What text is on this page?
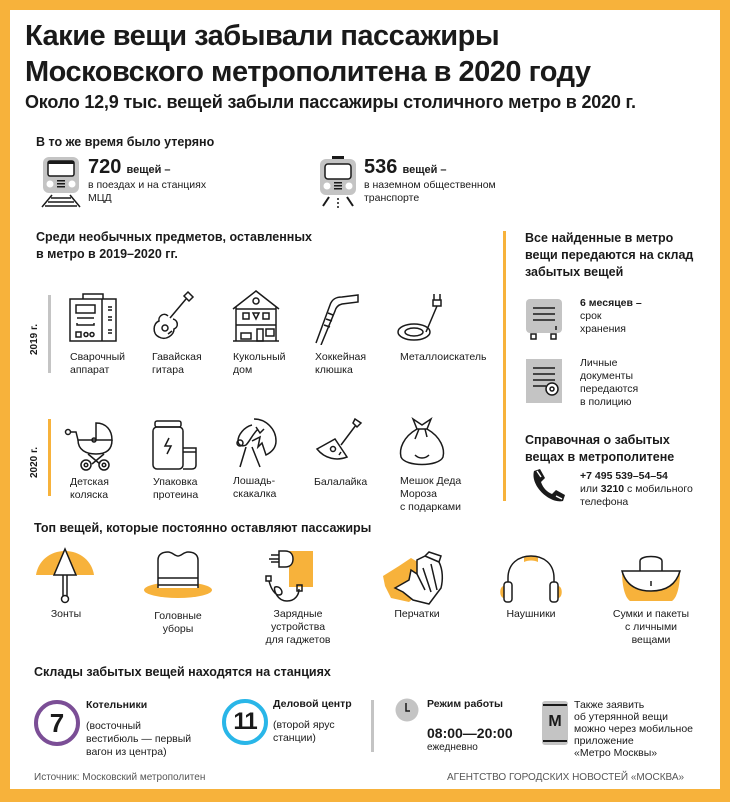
Какие вещи забывали пассажиры
Московского метрополитена в 2020 году
Около 12,9 тыс. вещей забыли пассажиры столичного метро в 2020 г.
В то же время было утеряно
720 вещей –
в поездах и на станциях
МЦД
536 вещей –
в наземном общественном
транспорте
Среди необычных предметов, оставленных
в метро в 2019–2020 гг.
2019 г.
Сварочный
аппарат
Гавайская
гитара
Кукольный
дом
Хоккейная
клюшка
Металлоискатель
2020 г.
Детская
коляска
Упаковка
протеина
Лошадь-
скакалка
Балалайка	Мешок Деда
Мороза
с подарками
Все найденные в метро
вещи передаются на склад
забытых вещей
6 месяцев –
срок
хранения
Личные
документы
передаются
в полицию
Справочная о забытых
вещах в метрополитене
+7 495 539–54–54
или 3210 с мобильного
телефона
Топ вещей, которые постоянно оставляют пассажиры
Зонты	Головные
уборы
Зарядные
устройства
для гаджетов
Перчатки	Наушники	Сумки и пакеты
с личными
вещами
Склады забытых вещей находятся на станциях
7
Котельники
(восточный
вестибюль — первый
вагон из центра)
11
Деловой центр
(второй ярус
станции)
Режим работы
08:00—20:00
ежедневно
М
Также заявить
об утерянной вещи
можно через мобильное
приложение
«Метро Москвы»
Источник: Московский метрополитен	АГЕНТСТВО ГОРОДСКИХ НОВОСТЕЙ «МОСКВА»
